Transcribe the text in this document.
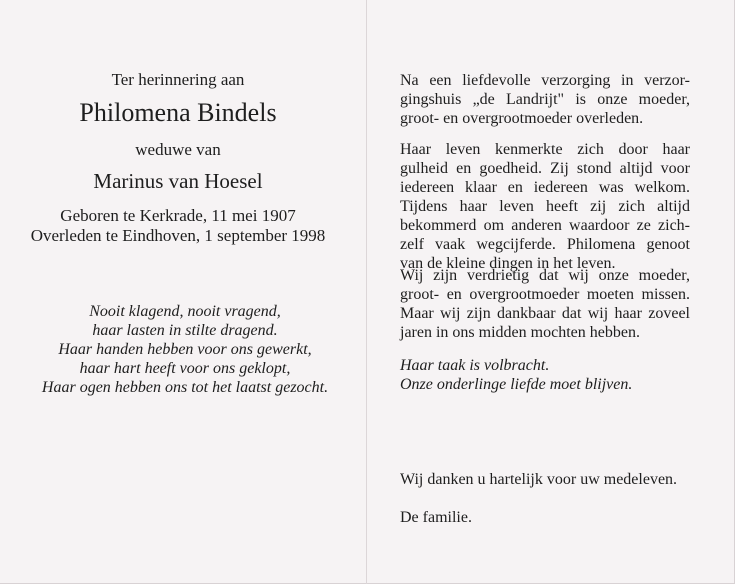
Ter herinnering aan
Philomena Bindels
weduwe van
Marinus van Hoesel
Geboren te Kerkrade, 11 mei 1907
Overleden te Eindhoven, 1 september 1998
Nooit klagend, nooit vragend,
haar lasten in stilte dragend.
Haar handen hebben voor ons gewerkt,
haar hart heeft voor ons geklopt,
Haar ogen hebben ons tot het laatst gezocht.
Na een liefdevolle verzorging in verzor-
gingshuis „de Landrijt" is onze moeder,
groot- en overgrootmoeder overleden.
Haar leven kenmerkte zich door haar
gulheid en goedheid. Zij stond altijd voor
iedereen klaar en iedereen was welkom.
Tijdens haar leven heeft zij zich altijd
bekommerd om anderen waardoor ze zich-
zelf vaak wegcijferde. Philomena genoot
van de kleine dingen in het leven.
Wij zijn verdrietig dat wij onze moeder,
groot- en overgrootmoeder moeten missen.
Maar wij zijn dankbaar dat wij haar zoveel
jaren in ons midden mochten hebben.
Haar taak is volbracht.
Onze onderlinge liefde moet blijven.
Wij danken u hartelijk voor uw medeleven.
De familie.
